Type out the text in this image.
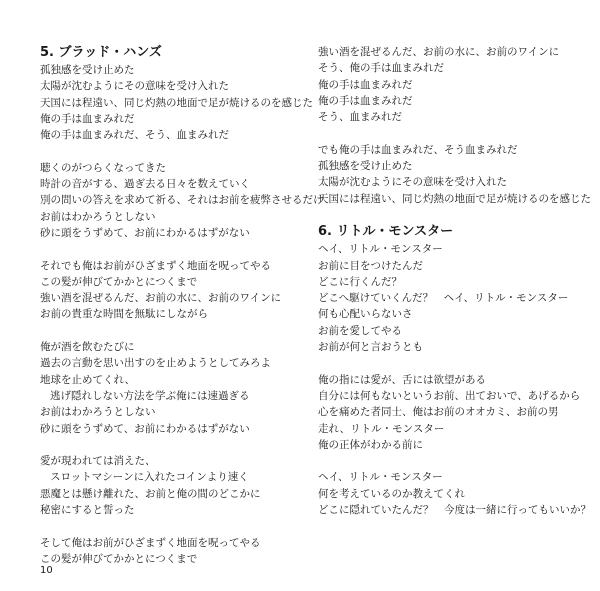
5. ブラッド・ハンズ
孤独感を受け止めた
太陽が沈むようにその意味を受け入れた
天国には程遠い、同じ灼熱の地面で足が焼けるのを感じた
俺の手は血まみれだ
俺の手は血まみれだ、そう、血まみれだ
聴くのがつらくなってきた
時計の音がする、過ぎ去る日々を数えていく
別の問いの答えを求めて祈る、それはお前を疲弊させるだけ
お前はわかろうとしない
砂に頭をうずめて、お前にわかるはずがない
それでも俺はお前がひざまずく地面を呪ってやる
この髪が伸びてかかとにつくまで
強い酒を混ぜるんだ、お前の水に、お前のワインに
お前の貴重な時間を無駄にしながら
俺が酒を飲むたびに
過去の言動を思い出すのを止めようとしてみろよ
地球を止めてくれ、
逃げ隠れしない方法を学ぶ俺には速過ぎる
お前はわかろうとしない
砂に頭をうずめて、お前にわかるはずがない
愛が現われては消えた、
スロットマシーンに入れたコインより速く
悪魔とは懸け離れた、お前と俺の間のどこかに
秘密にすると誓った
そして俺はお前がひざまずく地面を呪ってやる
この髪が伸びてかかとにつくまで
強い酒を混ぜるんだ、お前の水に、お前のワインに
そう、俺の手は血まみれだ
俺の手は血まみれだ
俺の手は血まみれだ
そう、血まみれだ
でも俺の手は血まみれだ、そう血まみれだ
孤独感を受け止めた
太陽が沈むようにその意味を受け入れた
天国には程遠い、同じ灼熱の地面で足が焼けるのを感じた
6. リトル・モンスター
ヘイ、リトル・モンスター
お前に目をつけたんだ
どこに行くんだ？
どこへ駆けていくんだ？　ヘイ、リトル・モンスター
何も心配いらないさ
お前を愛してやる
お前が何と言おうとも
俺の指には愛が、舌には欲望がある
自分には何もないというお前、出ておいで、あげるから
心を痛めた者同士、俺はお前のオオカミ、お前の男
走れ、リトル・モンスター
俺の正体がわかる前に
ヘイ、リトル・モンスター
何を考えているのか教えてくれ
どこに隠れていたんだ？　今度は一緒に行ってもいいか？
10
